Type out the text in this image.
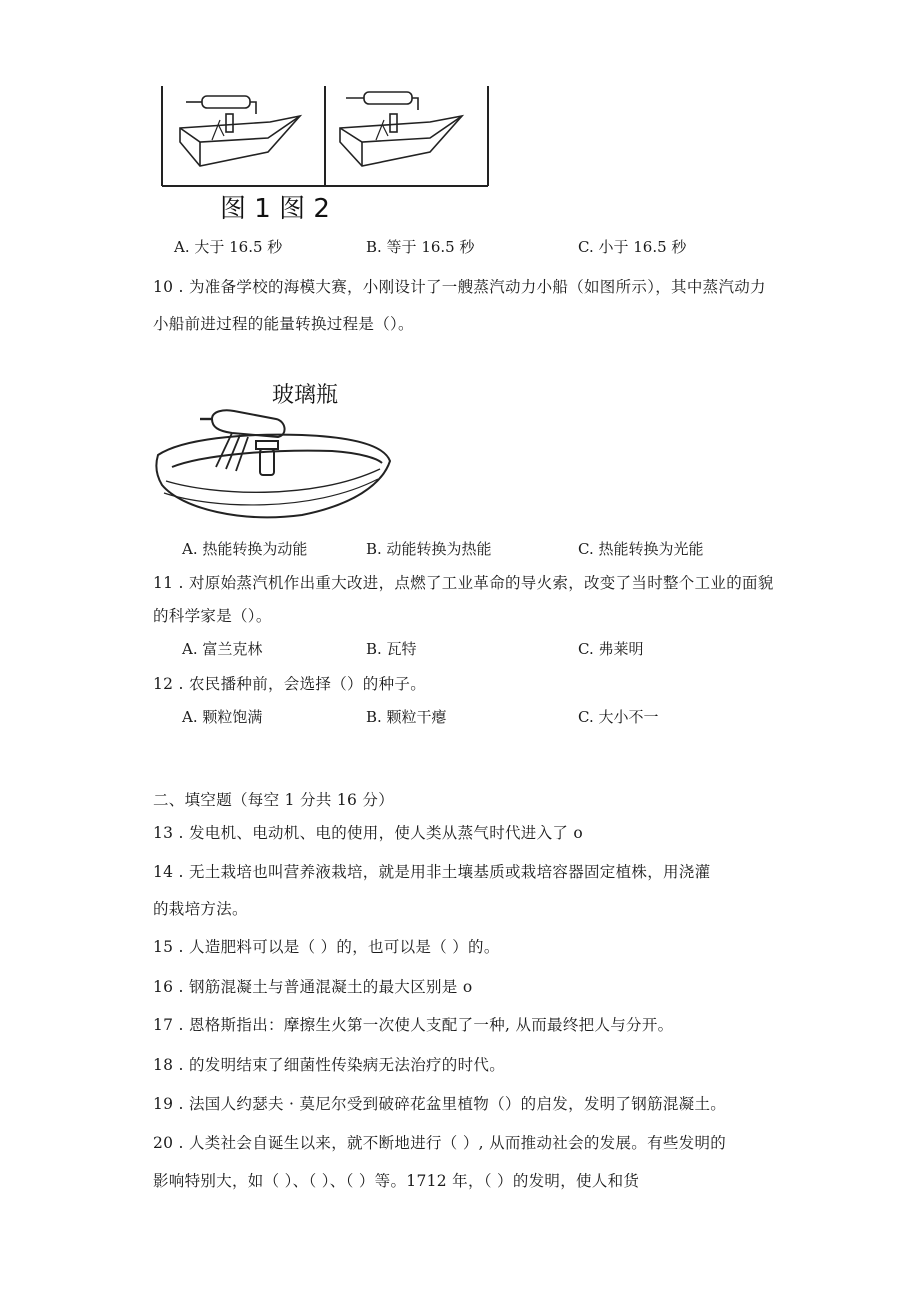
图 1 图 2
A. 大于 16.5 秒	B. 等于 16.5 秒	C. 小于 16.5 秒
10 . 为准备学校的海模大赛，小刚设计了一艘蒸汽动力小船（如图所示），其中蒸汽动力
小船前进过程的能量转换过程是（）。
玻璃瓶
A. 热能转换为动能	B. 动能转换为热能	C. 热能转换为光能
11 . 对原始蒸汽机作出重大改进，点燃了工业革命的导火索，改变了当时整个工业的面貌
的科学家是（）。
A. 富兰克林	B. 瓦特	C. 弗莱明
12 . 农民播种前，会选择（）的种子。
A. 颗粒饱满	B. 颗粒干瘪	C. 大小不一
二、填空题（每空 1 分共 16 分）
13 . 发电机、电动机、电的使用，使人类从蒸气时代进入了 o
14 . 无土栽培也叫营养液栽培，就是用非土壤基质或栽培容器固定植株，用浇灌
的栽培方法。
15 . 人造肥料可以是（ ）的，也可以是（ ）的。
16 . 钢筋混凝土与普通混凝土的最大区别是 o
17 . 恩格斯指出：摩擦生火第一次使人支配了一种, 从而最终把人与分开。
18 . 的发明结束了细菌性传染病无法治疗的时代。
19 . 法国人约瑟夫 · 莫尼尔受到破碎花盆里植物（）的启发，发明了钢筋混凝土。
20 . 人类社会自诞生以来，就不断地进行（ ）, 从而推动社会的发展。有些发明的
影响特别大，如（ ）、（ ）、（ ）等。1712 年，（ ）的发明，使人和货
